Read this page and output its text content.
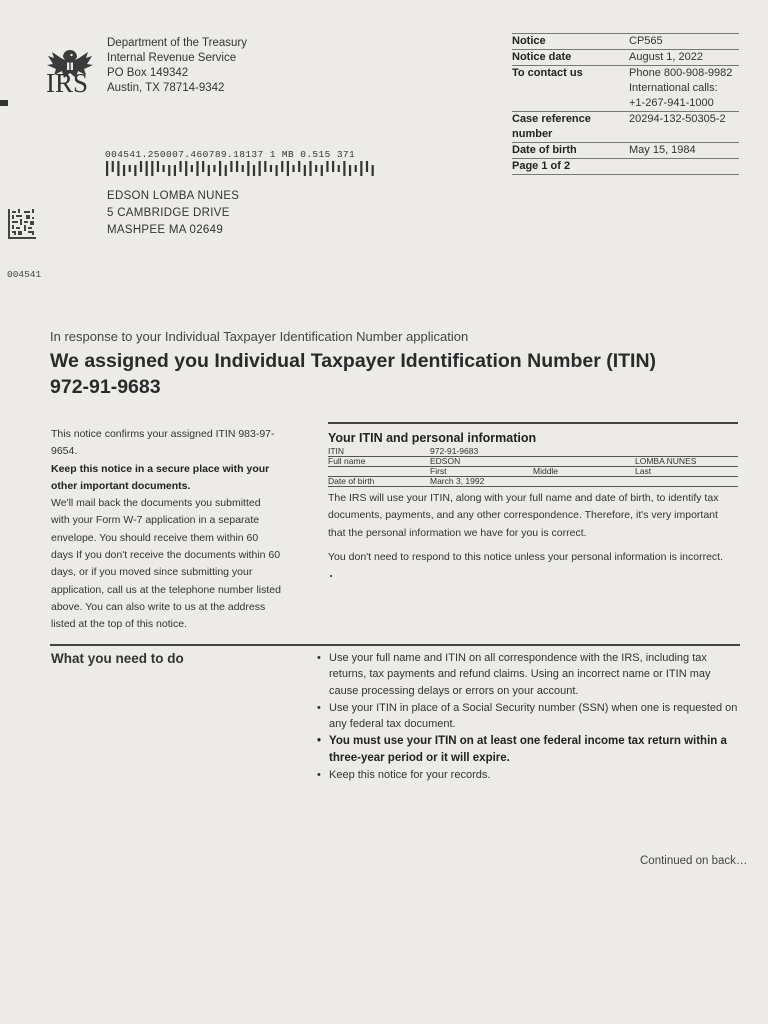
004541
IRS
Department of the Treasury
Internal Revenue Service
PO Box 149342
Austin, TX 78714-9342
Notice	CP565
Notice date	August 1, 2022
To contact us	Phone 800-908-9982
International calls:
+1-267-941-1000
Case reference number
20294-132-50305-2
Date of birth	May 15, 1984
Page 1 of 2
004541.250007.460789.18137 1 MB 0.515 371
EDSON LOMBA NUNES
5 CAMBRIDGE DRIVE
MASHPEE MA 02649
In response to your Individual Taxpayer Identification Number application
We assigned you Individual Taxpayer Identification Number (ITIN) 972-91-9683

This notice confirms your assigned ITIN 983-97-9654.

Keep this notice in a secure place with your other important documents.

We'll mail back the documents you submitted with your Form W-7 application in a separate envelope. You should receive them within 60 days If you don't receive the documents within 60 days, or if you moved since submitting your application, call us at the telephone number listed above. You can also write to us at the address listed at the top of this notice.

Your ITIN and personal information
ITIN	972-91-9683
Full name	EDSON	LOMBA NUNES
First	Middle	Last
Date of birth	March 3, 1992

The IRS will use your ITIN, along with your full name and date of birth, to identify tax documents, payments, and any other correspondence. Therefore, it's very important that the personal information we have for you is correct.

You don't need to respond to this notice unless your personal information is incorrect.

What you need to do
•	Use your full name and ITIN on all correspondence with the IRS, including tax returns, tax payments and refund claims. Using an incorrect name or ITIN may cause processing delays or errors on your account.
• Use your ITIN in place of a Social Security number (SSN) when one is requested on any federal tax document.
• You must use your ITIN on at least one federal income tax return within a three-year period or it will expire.
• Keep this notice for your records.
Continued on back…
